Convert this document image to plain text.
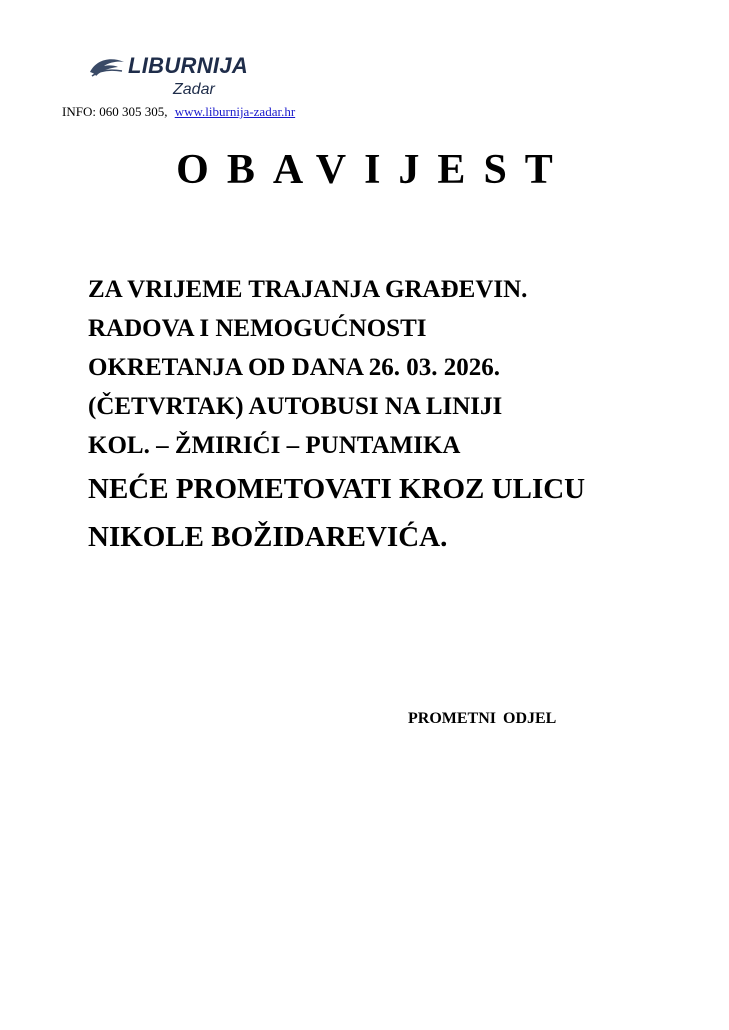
LIBURNIJA
Zadar
INFO: 060 305 305, www.liburnija-zadar.hr
OBAVIJEST
ZA VRIJEME TRAJANJA GRAĐEVIN.
RADOVA I NEMOGUĆNOSTI
OKRETANJA OD DANA 26. 03. 2026.
(ČETVRTAK) AUTOBUSI NA LINIJI
KOL. – ŽMIRIĆI – PUNTAMIKA
NEĆE PROMETOVATI KROZ ULICU
NIKOLE BOŽIDAREVIĆA.
PROMETNI ODJEL
